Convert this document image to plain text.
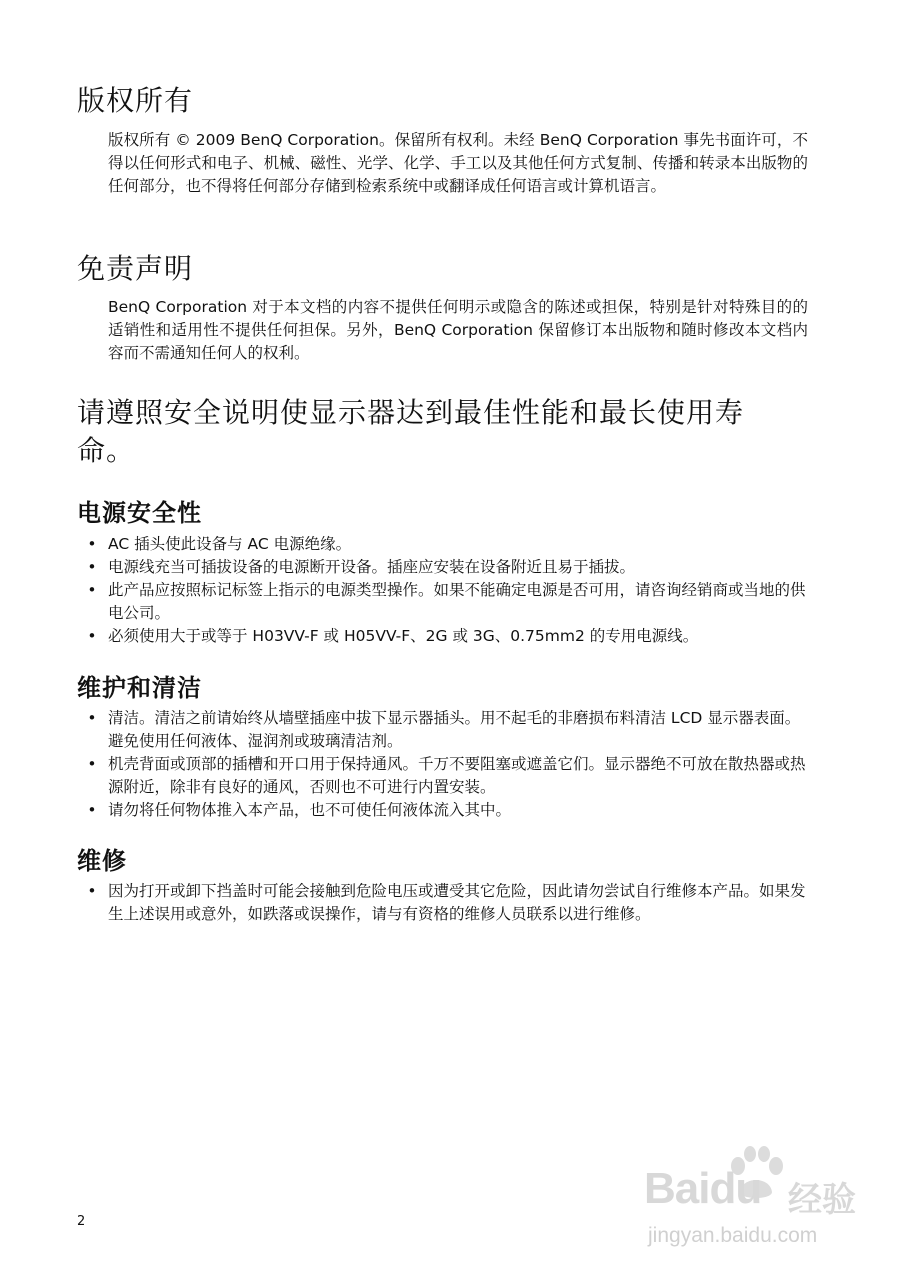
版权所有

版权所有 © 2009 BenQ Corporation。保留所有权利。未经 BenQ Corporation 事先书面许可，不得以任何形式和电子、机械、磁性、光学、化学、手工以及其他任何方式复制、传播和转录本出版物的任何部分，也不得将任何部分存储到检索系统中或翻译成任何语言或计算机语言。

免责声明

BenQ Corporation 对于本文档的内容不提供任何明示或隐含的陈述或担保，特别是针对特殊目的的适销性和适用性不提供任何担保。另外，BenQ Corporation 保留修订本出版物和随时修改本文档内容而不需通知任何人的权利。

请遵照安全说明使显示器达到最佳性能和最长使用寿命。
电源安全性
• AC 插头使此设备与 AC 电源绝缘。
• 电源线充当可插拔设备的电源断开设备。插座应安装在设备附近且易于插拔。
• 此产品应按照标记标签上指示的电源类型操作。如果不能确定电源是否可用，请咨询经销商或当地的供电公司。
• 必须使用大于或等于 H03VV-F 或 H05VV-F、2G 或 3G、0.75mm2 的专用电源线。
维护和清洁
• 清洁。清洁之前请始终从墙壁插座中拔下显示器插头。用不起毛的非磨损布料清洁 LCD 显示器表面。避免使用任何液体、湿润剂或玻璃清洁剂。
• 机壳背面或顶部的插槽和开口用于保持通风。千万不要阻塞或遮盖它们。显示器绝不可放在散热器或热源附近，除非有良好的通风，否则也不可进行内置安装。
• 请勿将任何物体推入本产品，也不可使任何液体流入其中。
维修
• 因为打开或卸下挡盖时可能会接触到危险电压或遭受其它危险，因此请勿尝试自行维修本产品。如果发生上述误用或意外，如跌落或误操作，请与有资格的维修人员联系以进行维修。
2
Baidu 经验
jingyan.baidu.com
